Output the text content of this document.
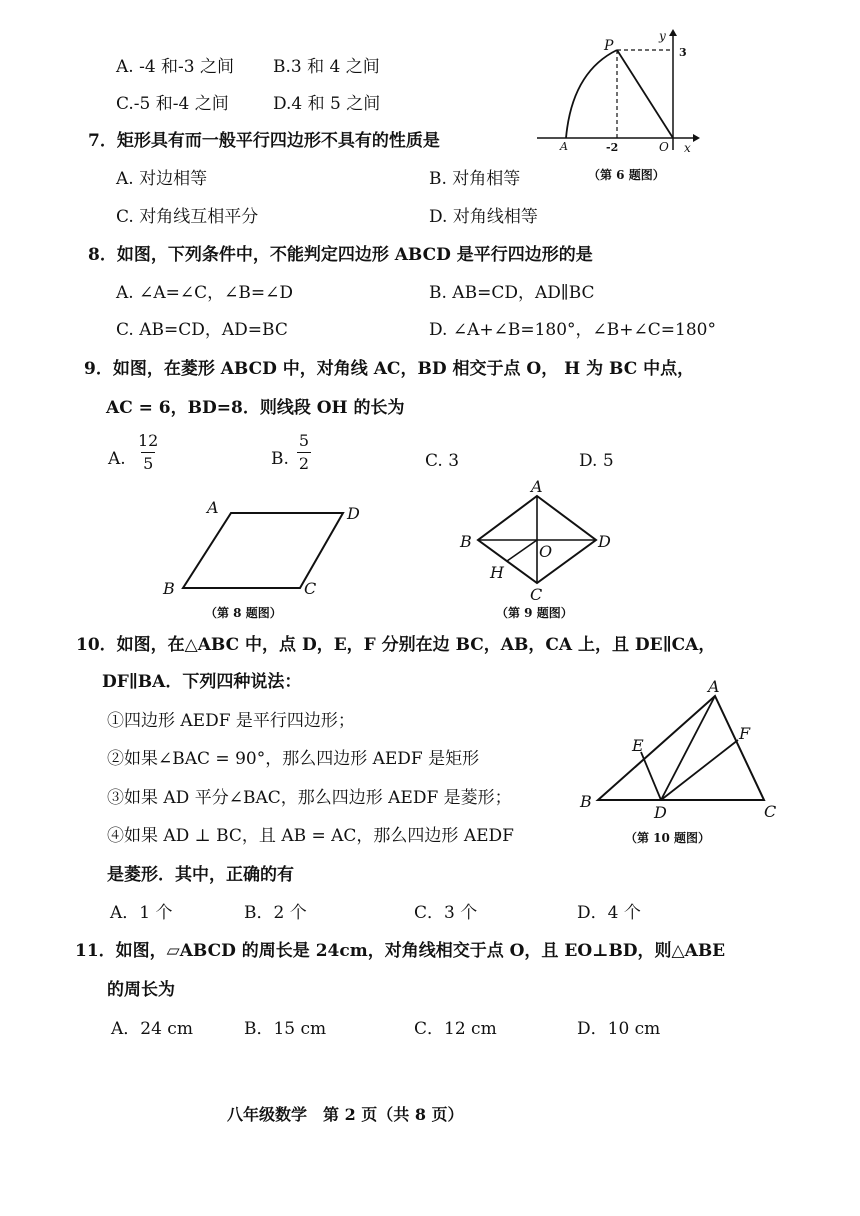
A. -4 和-3 之间 B.3 和 4 之间
C.-5 和-4 之间	D.4 和 5 之间
y
P	3
A	-2	O x
（第 6 题图）
7．矩形具有而一般平行四边形不具有的性质是
A. 对边相等	B. 对角相等
C. 对角线互相平分	D. 对角线相等
8．如图，下列条件中，不能判定四边形 ABCD 是平行四边形的是
A. ∠A=∠C，∠B=∠D	B. AB=CD，AD∥BC
C. AB=CD，AD=BC	D. ∠A+∠B=180°，∠B+∠C=180°
9．如图，在菱形 ABCD 中，对角线 AC，BD 相交于点 O， H 为 BC 中点，
AC = 6，BD=8．则线段 OH 的长为
A.
12
5	B.
5
2	C. 3	D. 5
A	D
B	C
（第 8 题图）
A
B	D
O
H
C
（第 9 题图）
10．如图，在△ABC 中，点 D，E，F 分别在边 BC，AB，CA 上，且 DE∥CA，
DF∥BA．下列四种说法：
①四边形 AEDF 是平行四边形；
②如果∠BAC = 90°，那么四边形 AEDF 是矩形
③如果 AD 平分∠BAC，那么四边形 AEDF 是菱形；
④如果 AD ⊥ BC，且 AB = AC，那么四边形 AEDF
是菱形．其中，正确的有
A．1 个	B．2 个	C．3 个	D．4 个
A
E
F
B
D	C
（第 10 题图）
11．如图，▱ABCD 的周长是 24cm，对角线相交于点 O，且 EO⊥BD，则△ABE
的周长为
A．24 cm	B．15 cm	C．12 cm	D．10 cm
八年级数学　第 2 页（共 8 页）
